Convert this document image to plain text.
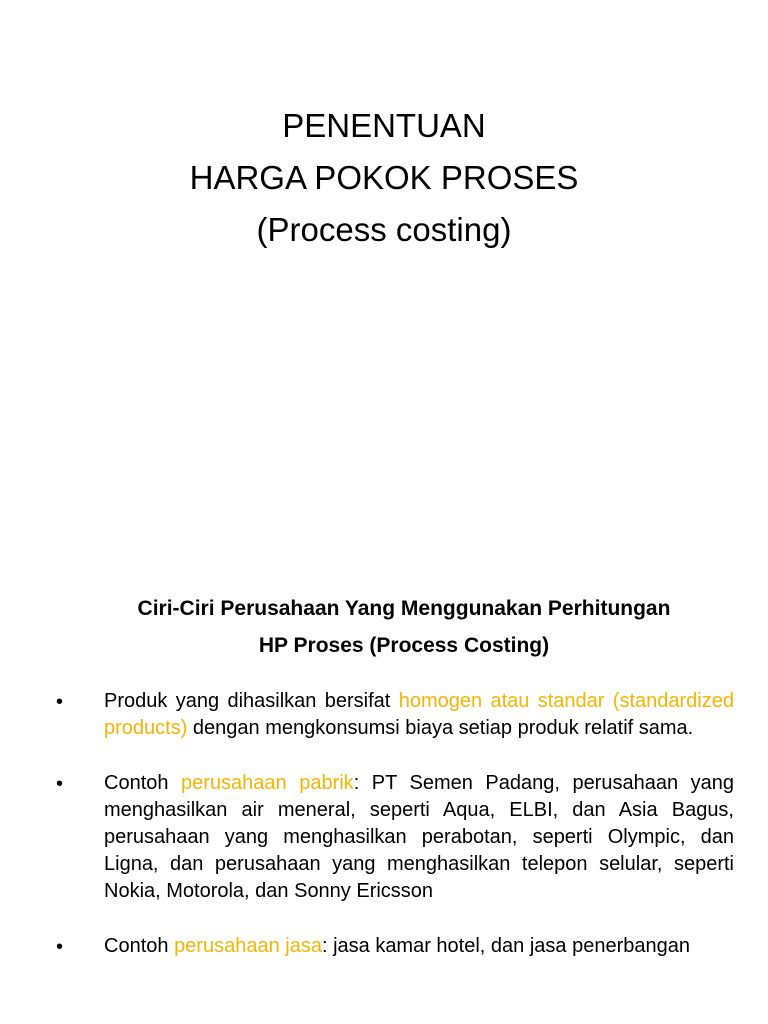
PENENTUAN
HARGA POKOK PROSES
(Process costing)
Ciri-Ciri Perusahaan Yang Menggunakan Perhitungan
HP Proses (Process Costing)
• Produk yang dihasilkan bersifat homogen atau standar (standardized products) dengan mengkonsumsi biaya setiap produk relatif sama.
• Contoh perusahaan pabrik: PT Semen Padang, perusahaan yang menghasilkan air meneral, seperti Aqua, ELBI, dan Asia Bagus, perusahaan yang menghasilkan perabotan, seperti Olympic, dan Ligna, dan perusahaan yang menghasilkan telepon selular, seperti Nokia, Motorola, dan Sonny Ericsson
• Contoh perusahaan jasa: jasa kamar hotel, dan jasa penerbangan
